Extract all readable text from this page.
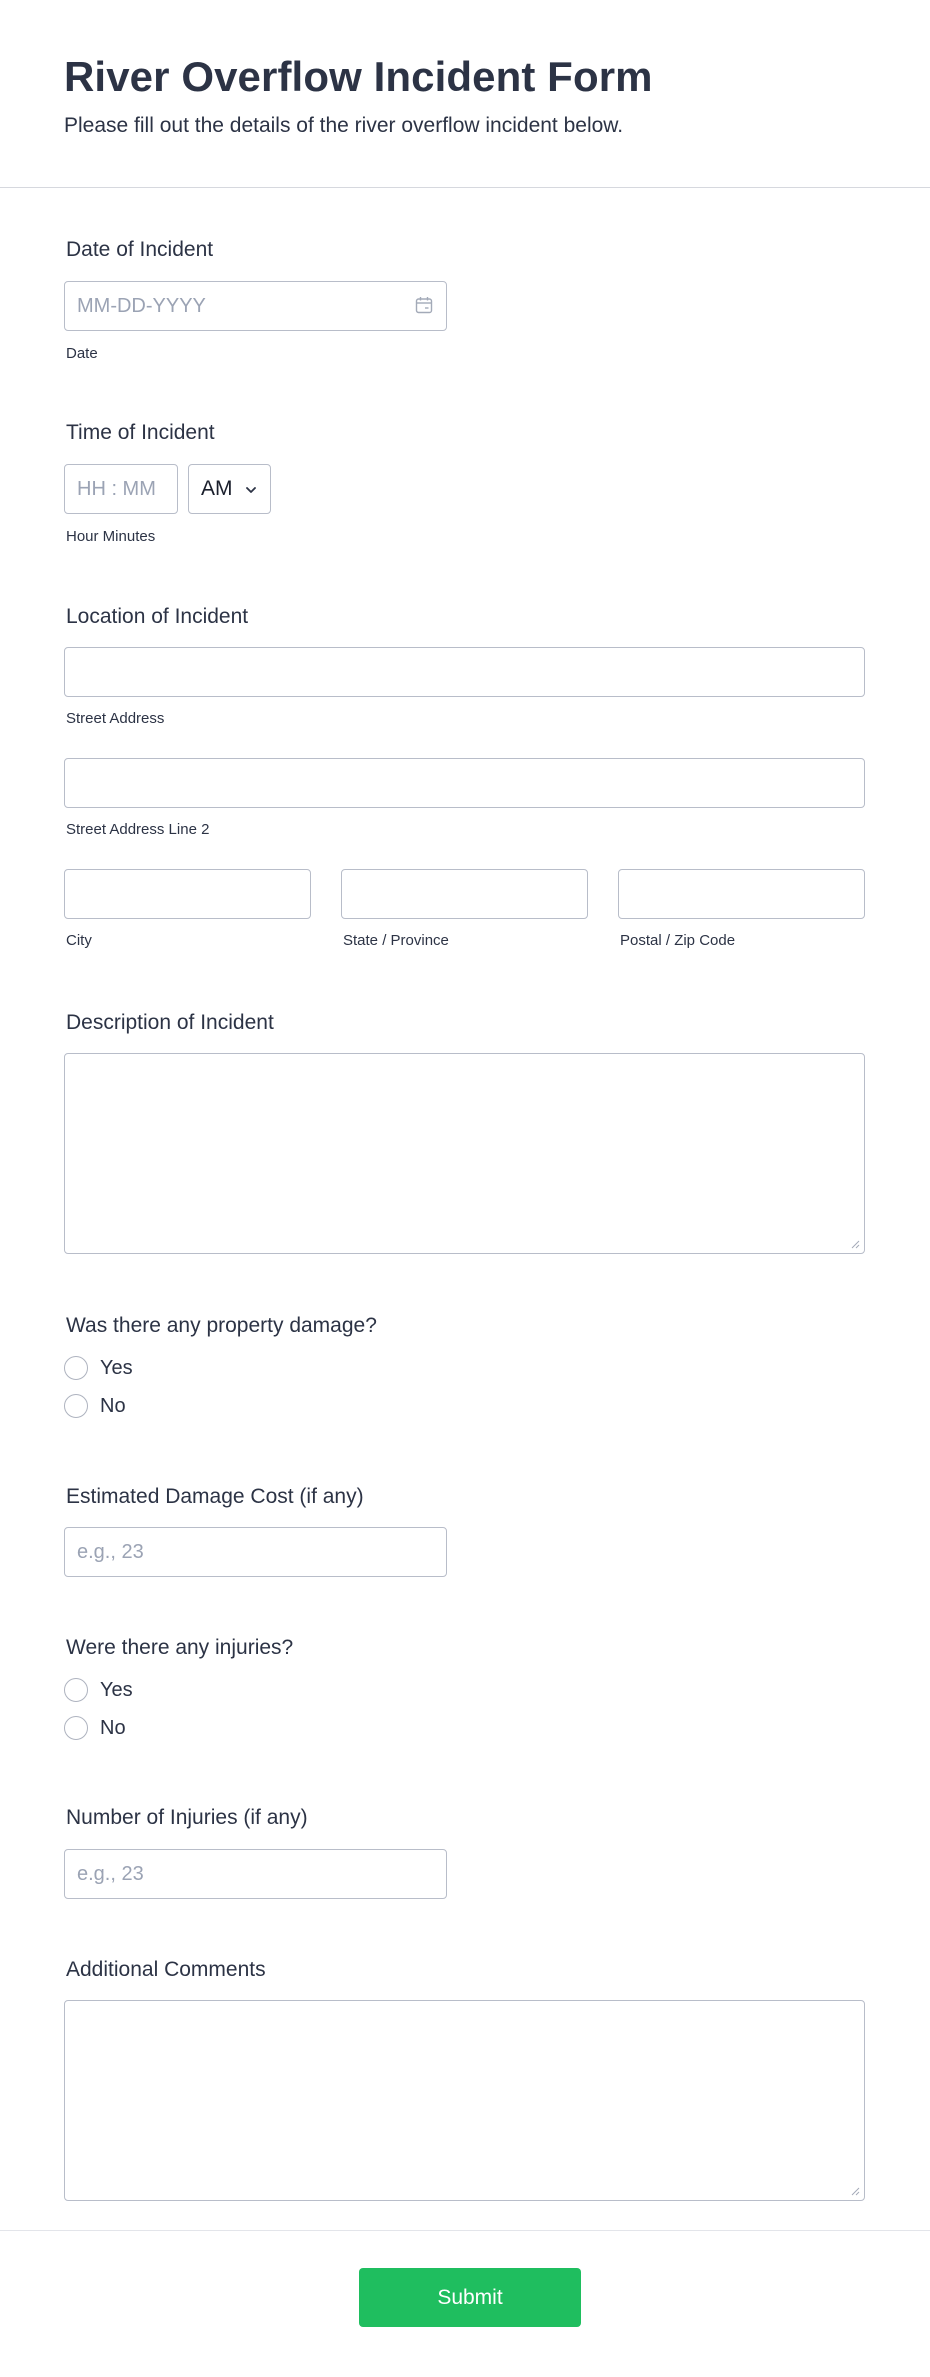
River Overflow Incident Form

Please fill out the details of the river overflow incident below.

Date of Incident
MM-DD-YYYY
Date
Time of Incident
HH : MM
AM
Hour Minutes
Location of Incident
Street Address
Street Address Line 2
City	State / Province	Postal / Zip Code
Description of Incident
Was there any property damage?
Yes
No
Estimated Damage Cost (if any)
e.g., 23
Were there any injuries?
Yes
No
Number of Injuries (if any)
e.g., 23
Additional Comments
Submit
